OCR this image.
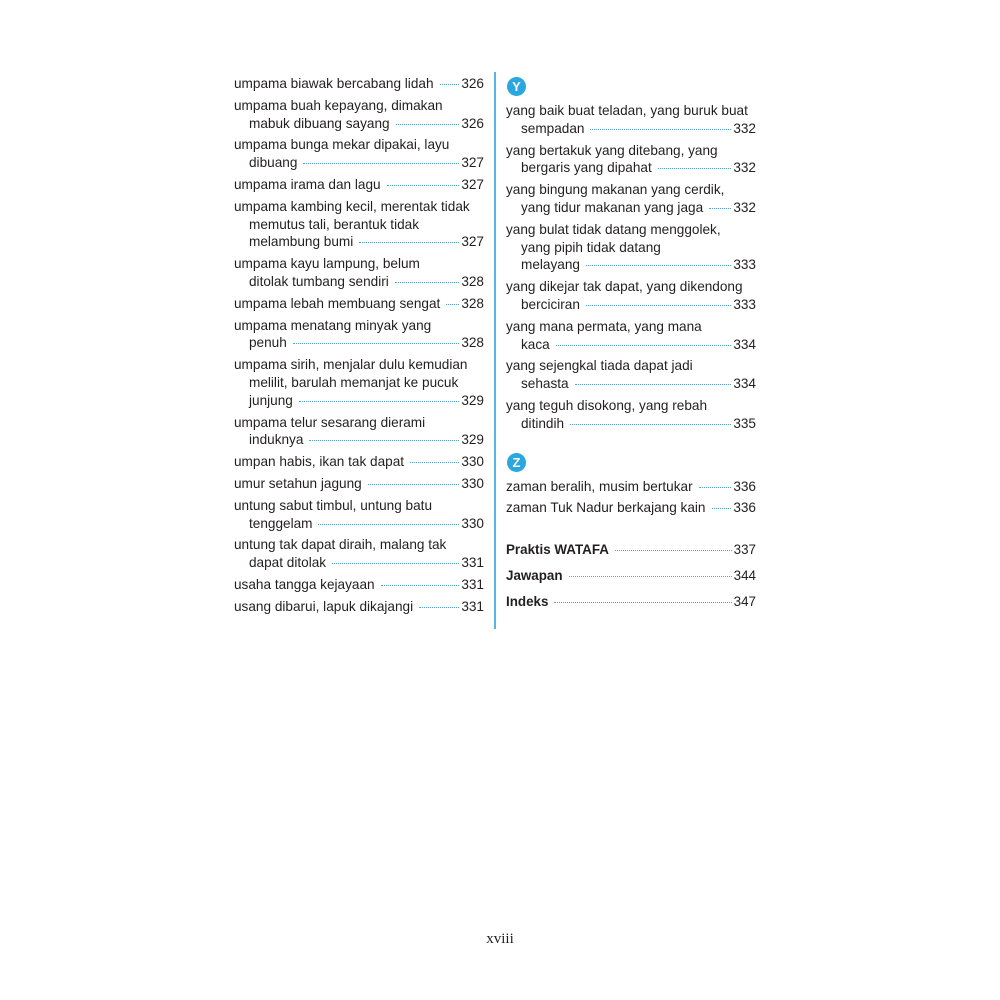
umpama biawak bercabang lidah 326
umpama buah kepayang, dimakan
mabuk dibuang sayang	326
umpama bunga mekar dipakai, layu
dibuang	327
umpama irama dan lagu	327
umpama kambing kecil, merentak tidak
memutus tali, berantuk tidak
melambung bumi	327
umpama kayu lampung, belum
ditolak tumbang sendiri	328
umpama lebah membuang sengat 328
umpama menatang minyak yang
penuh	328
umpama sirih, menjalar dulu kemudian
melilit, barulah memanjat ke pucuk
junjung	329
umpama telur sesarang dierami
induknya	329
umpan habis, ikan tak dapat	330
umur setahun jagung	330
untung sabut timbul, untung batu
tenggelam	330
untung tak dapat diraih, malang tak
dapat ditolak	331
usaha tangga kejayaan	331
usang dibarui, lapuk dikajangi	331
Y
yang baik buat teladan, yang buruk buat
sempadan	332
yang bertakuk yang ditebang, yang
bergaris yang dipahat	332
yang bingung makanan yang cerdik,
yang tidur makanan yang jaga 332
yang bulat tidak datang menggolek,
yang pipih tidak datang
melayang	333
yang dikejar tak dapat, yang dikendong
berciciran	333
yang mana permata, yang mana
kaca	334
yang sejengkal tiada dapat jadi
sehasta	334
yang teguh disokong, yang rebah
ditindih	335
Z
zaman beralih, musim bertukar	336
zaman Tuk Nadur berkajang kain 336
Praktis WATAFA	337
Jawapan	344
Indeks	347
xviii
